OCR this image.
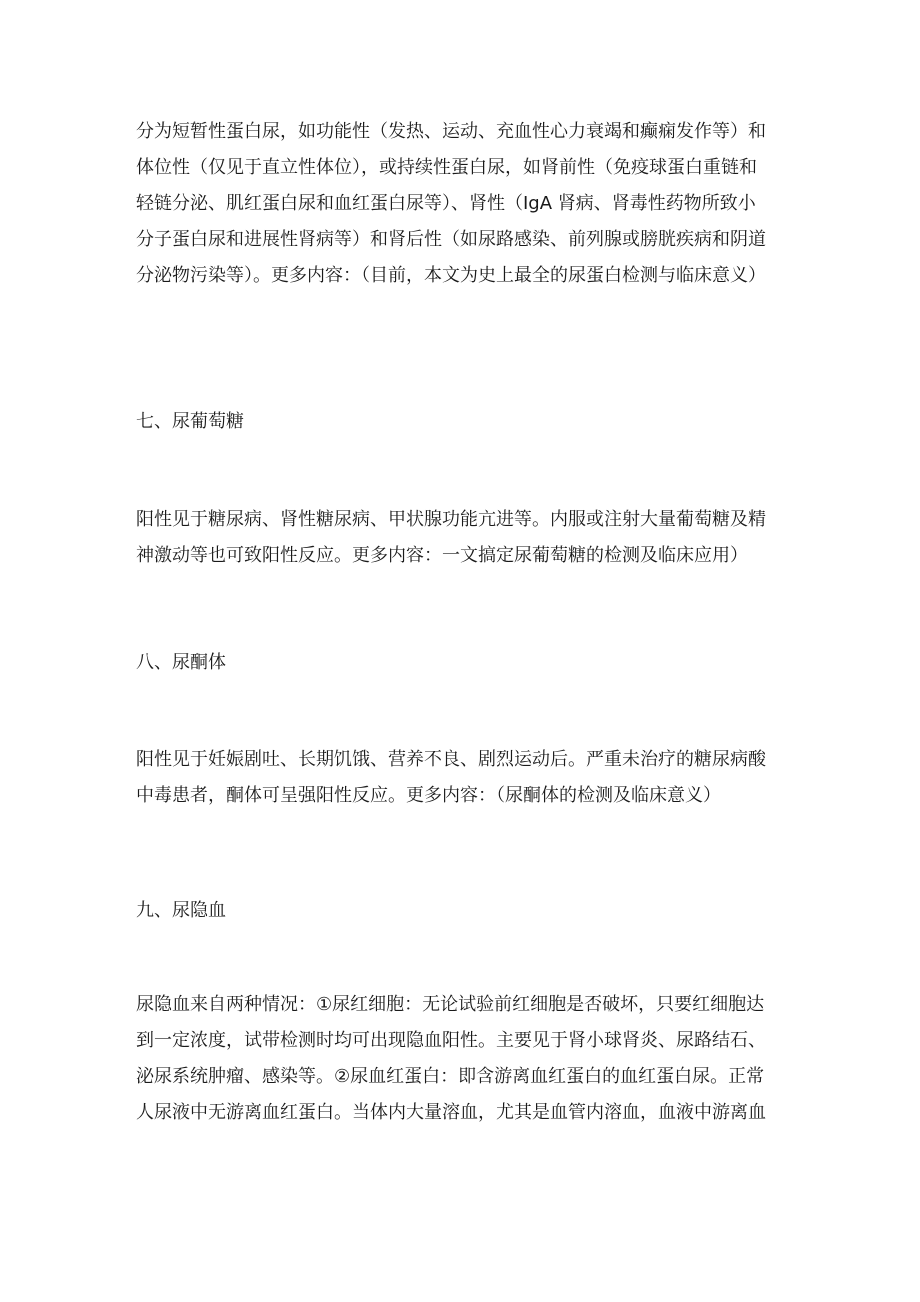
分为短暂性蛋白尿，如功能性（发热、运动、充血性心力衰竭和癫痫发作等）和
体位性（仅见于直立性体位），或持续性蛋白尿，如肾前性（免疫球蛋白重链和
轻链分泌、肌红蛋白尿和血红蛋白尿等）、肾性（IgA 肾病、肾毒性药物所致小
分子蛋白尿和进展性肾病等）和肾后性（如尿路感染、前列腺或膀胱疾病和阴道
分泌物污染等）。更多内容：（目前，本文为史上最全的尿蛋白检测与临床意义）
七、尿葡萄糖
阳性见于糖尿病、肾性糖尿病、甲状腺功能亢进等。内服或注射大量葡萄糖及精
神激动等也可致阳性反应。更多内容：一文搞定尿葡萄糖的检测及临床应用）
八、尿酮体
阳性见于妊娠剧吐、长期饥饿、营养不良、剧烈运动后。严重未治疗的糖尿病酸
中毒患者，酮体可呈强阳性反应。更多内容：（尿酮体的检测及临床意义）
九、尿隐血
尿隐血来自两种情况：①尿红细胞：无论试验前红细胞是否破坏，只要红细胞达
到一定浓度，试带检测时均可出现隐血阳性。主要见于肾小球肾炎、尿路结石、
泌尿系统肿瘤、感染等。②尿血红蛋白：即含游离血红蛋白的血红蛋白尿。正常
人尿液中无游离血红蛋白。当体内大量溶血，尤其是血管内溶血，血液中游离血
